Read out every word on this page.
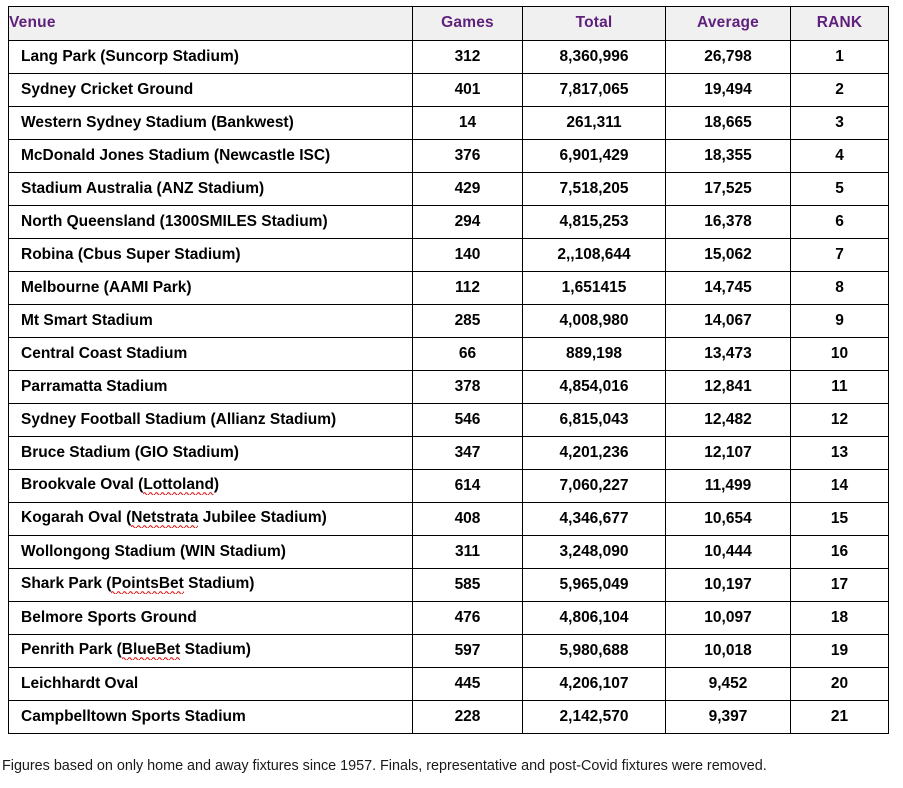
Venue	Games	Total	Average	RANK
Lang Park (Suncorp Stadium)	312	8,360,996	26,798	1
Sydney Cricket Ground	401	7,817,065	19,494	2
Western Sydney Stadium (Bankwest)	14	261,311	18,665	3
McDonald Jones Stadium (Newcastle ISC)	376	6,901,429	18,355	4
Stadium Australia (ANZ Stadium)	429	7,518,205	17,525	5
North Queensland (1300SMILES Stadium)	294	4,815,253	16,378	6
Robina (Cbus Super Stadium)	140	2,,108,644	15,062	7
Melbourne (AAMI Park)	112	1,651415	14,745	8
Mt Smart Stadium	285	4,008,980	14,067	9
Central Coast Stadium	66	889,198	13,473	10
Parramatta Stadium	378	4,854,016	12,841	11
Sydney Football Stadium (Allianz Stadium)	546	6,815,043	12,482	12
Bruce Stadium (GIO Stadium)	347	4,201,236	12,107	13
Brookvale Oval (Lottoland)	614	7,060,227	11,499	14
Kogarah Oval (Netstrata Jubilee Stadium)	408	4,346,677	10,654	15
Wollongong Stadium (WIN Stadium)	311	3,248,090	10,444	16
Shark Park (PointsBet Stadium)	585	5,965,049	10,197	17
Belmore Sports Ground	476	4,806,104	10,097	18
Penrith Park (BlueBet Stadium)	597	5,980,688	10,018	19
Leichhardt Oval	445	4,206,107	9,452	20
Campbelltown Sports Stadium	228	2,142,570	9,397	21
Figures based on only home and away fixtures since 1957. Finals, representative and post-Covid fixtures were removed.
